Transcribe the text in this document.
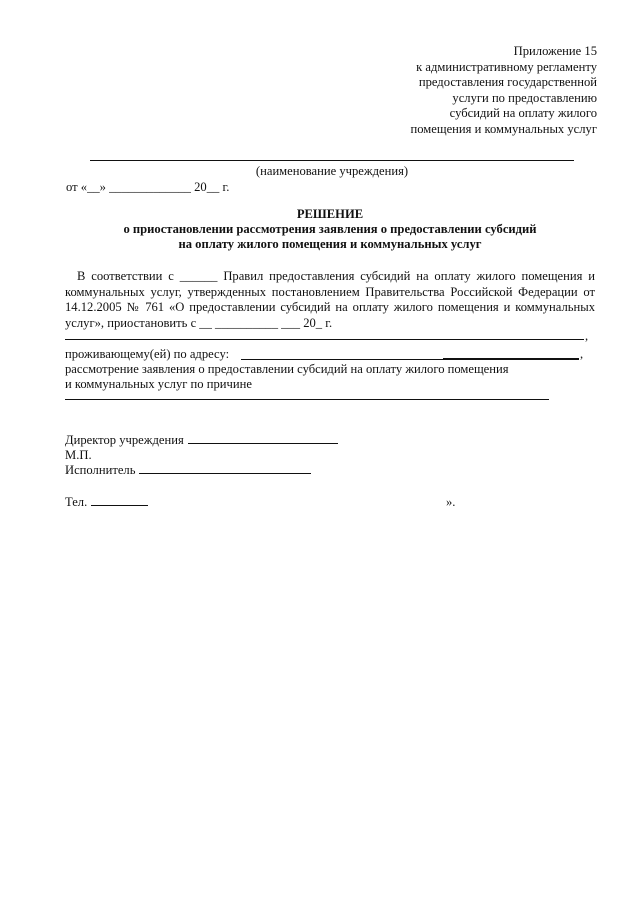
Приложение 15
к административному регламенту
предоставления государственной
услуги по предоставлению
субсидий на оплату жилого
помещения и коммунальных услуг
(наименование учреждения)
от «__» _____________ 20__ г.
РЕШЕНИЕ
о приостановлении рассмотрения заявления о предоставлении субсидий
на оплату жилого помещения и коммунальных услуг
В соответствии с ______ Правил предоставления субсидий на оплату жилого помещения и коммунальных услуг, утвержденных постановлением Правительства Российской Федерации от 14.12.2005 № 761 «О предоставлении субсидий на оплату жилого помещения и коммунальных услуг», приостановить с __ __________ ___ 20_ г.
,
проживающему(ей) по адресу:	,
рассмотрение заявления о предоставлении субсидий на оплату жилого помещения
и коммунальных услуг по причине
Директор учреждения
М.П.
Исполнитель
Тел.	».
